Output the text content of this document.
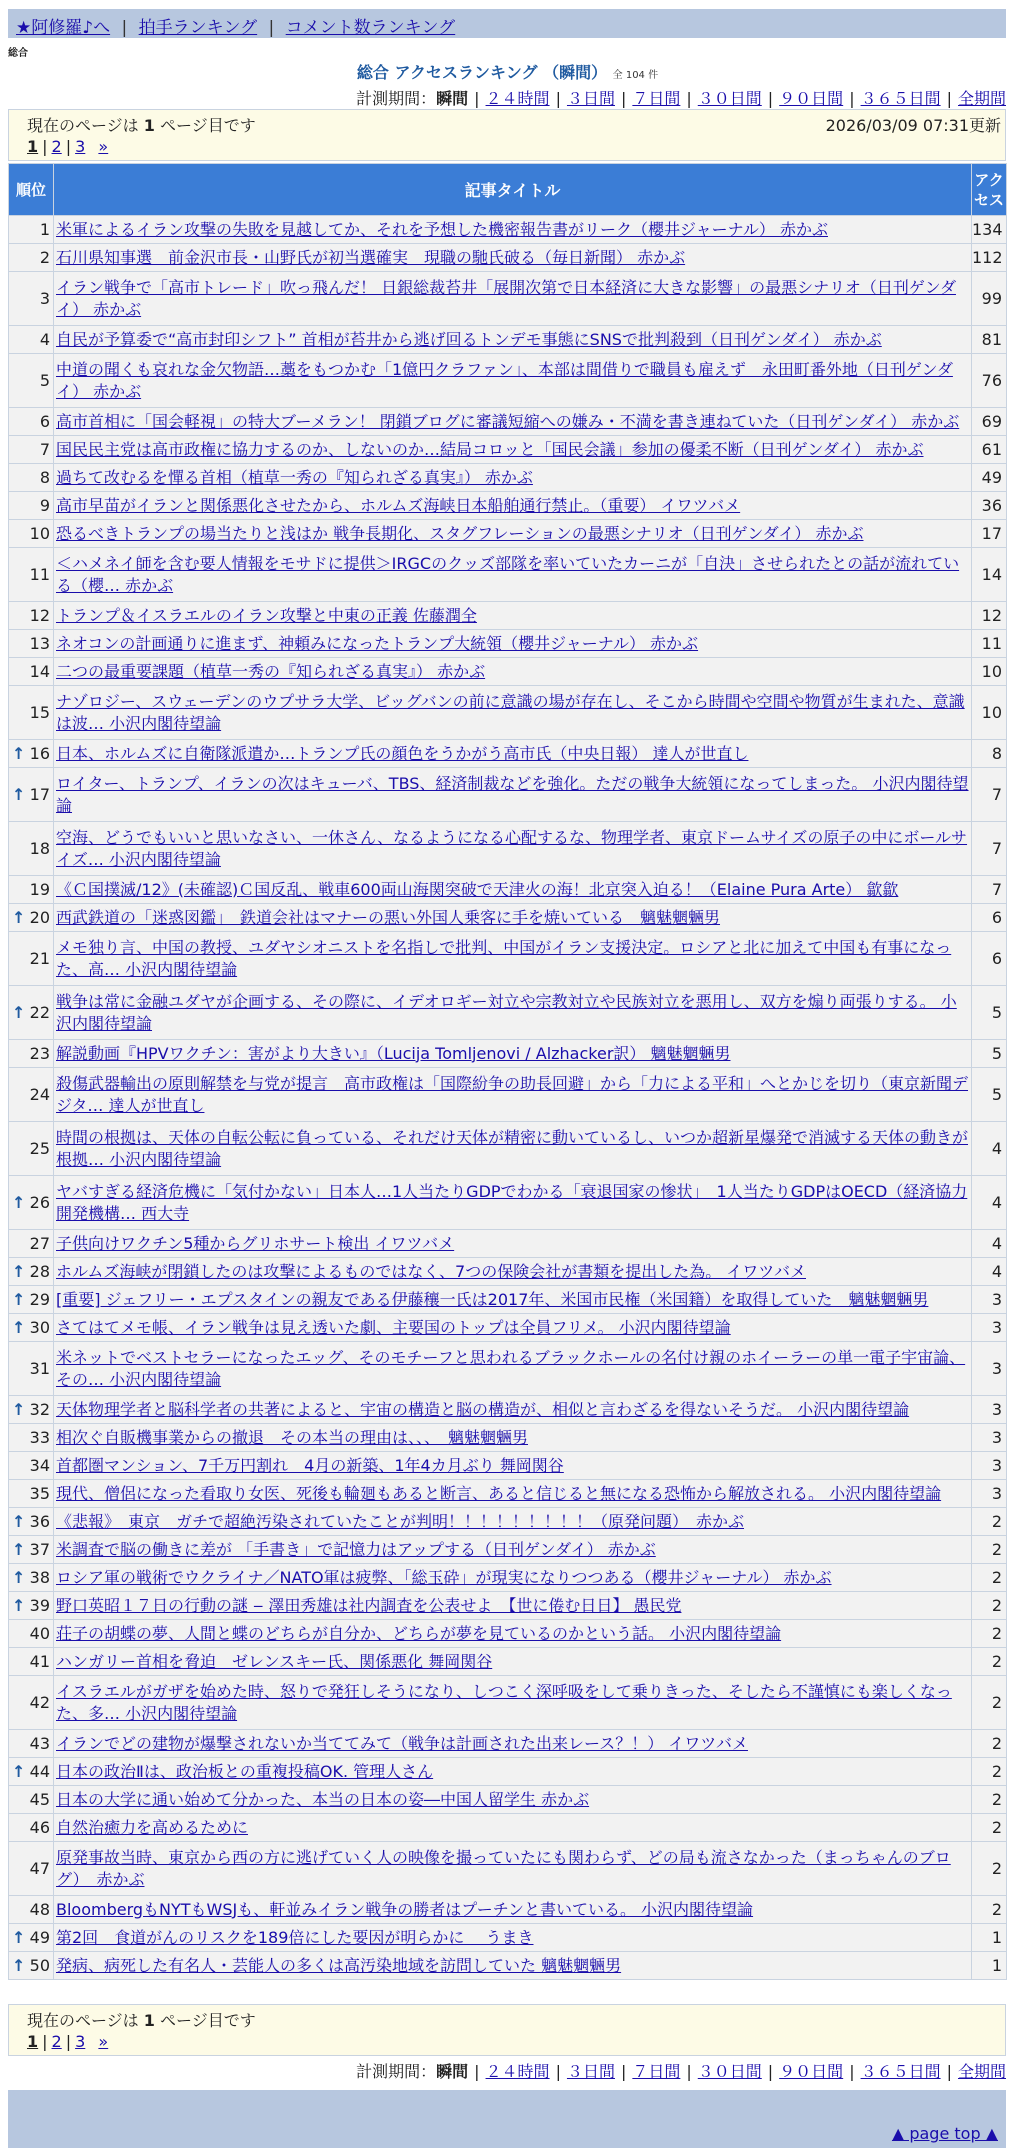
★阿修羅♪へ | 拍手ランキング | コメント数ランキング
総合
総合 アクセスランキング （瞬間） 全 104 件
計測期間：瞬間 | ２４時間 | ３日間 | ７日間 | ３０日間 | ９０日間 | ３６５日間 | 全期間
現在のページは 1 ページ目です	2026/03/09 07:31更新
1 | 2 | 3 »
順位	記事タイトル	アクセス
1	米軍によるイラン攻撃の失敗を見越してか、それを予想した機密報告書がリーク（櫻井ジャーナル） 赤かぶ	134
2	石川県知事選　前金沢市長・山野氏が初当選確実　現職の馳氏破る（毎日新聞） 赤かぶ	112
3	イラン戦争で「高市トレード」吹っ飛んだ！ 日銀総裁苔井「展開次第で日本経済に大きな影響」の最悪シナリオ（日刊ゲンダイ） 赤かぶ	99
4	自民が予算委で“高市封印シフト” 首相が苔井から逃げ回るトンデモ事態にSNSで批判殺到（日刊ゲンダイ） 赤かぶ	81
5	中道の聞くも哀れな金欠物語…藁をもつかむ「1億円クラファン」、本部は間借りで職員も雇えず　永田町番外地（日刊ゲンダイ） 赤かぶ	76
6	高市首相に「国会軽視」の特大ブーメラン！ 閉鎖ブログに審議短縮への嫌み・不満を書き連ねていた（日刊ゲンダイ） 赤かぶ	69
7	国民民主党は高市政権に協力するのか、しないのか…結局コロッと「国民会議」参加の優柔不断（日刊ゲンダイ） 赤かぶ	61
8	過ちて改むるを憚る首相（植草一秀の『知られざる真実』） 赤かぶ	49
9	高市早苗がイランと関係悪化させたから、ホルムズ海峡日本船舶通行禁止。（重要） イワツバメ	36
10	恐るべきトランプの場当たりと浅はか 戦争長期化、スタグフレーションの最悪シナリオ（日刊ゲンダイ） 赤かぶ	17
11	＜ハメネイ師を含む要人情報をモサドに提供＞IRGCのクッズ部隊を率いていたカーニが「自決」させられたとの話が流れている（櫻… 赤かぶ	14
12	トランプ＆イスラエルのイラン攻撃と中東の正義 佐藤潤全	12
13	ネオコンの計画通りに進まず、神頼みになったトランプ大統領（櫻井ジャーナル） 赤かぶ	11
14	二つの最重要課題（植草一秀の『知られざる真実』） 赤かぶ	10
15	ナゾロジー、スウェーデンのウプサラ大学、ビッグバンの前に意識の場が存在し、そこから時間や空間や物質が生まれた、意識は波… 小沢内閣待望論	10

↑ 16	日本、ホルムズに自衛隊派遣か…トランプ氏の顔色をうかがう高市氏（中央日報） 達人が世直し	8

↑ 17	ロイター、トランプ、イランの次はキューバ、TBS、経済制裁などを強化。ただの戦争大統領になってしまった。 小沢内閣待望論	7
18	空海、どうでもいいと思いなさい、一休さん、なるようになる心配するな、物理学者、東京ドームサイズの原子の中にボールサイズ… 小沢内閣待望論	7
19	《Ｃ国撲滅/12》(未確認)Ｃ国反乱、戦車600両山海関突破で天津火の海！北京突入迫る！（Elaine Pura Arte） 歙歙	7

↑ 20	西武鉄道の「迷惑図鑑」　鉄道会社はマナーの悪い外国人乗客に手を焼いている　魑魅魍魎男	6
21	メモ独り言、中国の教授、ユダヤシオニストを名指しで批判、中国がイラン支援決定。ロシアと北に加えて中国も有事になった、高… 小沢内閣待望論	6

↑ 22	戦争は常に金融ユダヤが企画する、その際に、イデオロギー対立や宗教対立や民族対立を悪用し、双方を煽り両張りする。 小沢内閣待望論	5
23	解説動画『HPVワクチン：害がより大きい』（Lucija Tomljenovi / Alzhacker訳） 魑魅魍魎男	5
24	殺傷武器輸出の原則解禁を与党が提言　高市政権は「国際紛争の助長回避」から「力による平和」へとかじを切り（東京新聞デジタ… 達人が世直し	5
25	時間の根拠は、天体の自転公転に負っている、それだけ天体が精密に動いているし、いつか超新星爆発で消滅する天体の動きが根拠… 小沢内閣待望論	4

↑ 26	ヤバすぎる経済危機に「気付かない」日本人…1人当たりGDPでわかる「衰退国家の惨状」　1人当たりGDPはOECD（経済協力開発機構… 西大寺	4
27	子供向けワクチン5種からグリホサート検出 イワツバメ	4

↑ 28	ホルムズ海峡が閉鎖したのは攻撃によるものではなく、7つの保険会社が書類を提出した為。 イワツバメ	4

↑ 29	[重要] ジェフリー・エプスタインの親友である伊藤穰一氏は2017年、米国市民権（米国籍）を取得していた　魑魅魍魎男	3

↑ 30	さてはてメモ帳、イラン戦争は見え透いた劇、主要国のトップは全員フリメ。 小沢内閣待望論	3
31	米ネットでベストセラーになったエッグ、そのモチーフと思われるブラックホールの名付け親のホイーラーの単一電子宇宙論、その… 小沢内閣待望論	3

↑ 32	天体物理学者と脳科学者の共著によると、宇宙の構造と脳の構造が、相似と言わざるを得ないそうだ。 小沢内閣待望論	3
33	相次ぐ自販機事業からの撤退　その本当の理由は、、、　魑魅魍魎男	3
34	首都圏マンション、7千万円割れ　4月の新築、1年4カ月ぶり 舞岡関谷	3
35	現代、僧侶になった看取り女医、死後も輪廻もあると断言、あると信じると無になる恐怖から解放される。 小沢内閣待望論	3

↑ 36	《悲報》　東京　ガチで超絶汚染されていたことが判明！！！！！！！！！（原発问題）　赤かぶ	2

↑ 37	米調査で脳の働きに差が 「手書き」で記憶力はアップする（日刊ゲンダイ） 赤かぶ	2

↑ 38	ロシア軍の戦術でウクライナ／NATO軍は疲弊、「総玉砕」が現実になりつつある（櫻井ジャーナル） 赤かぶ	2

↑ 39	野口英昭１７日の行動の謎 ‒ 澤田秀雄は社内調査を公表せよ　【世に倦む日日】 愚民党	2
40	荘子の胡蝶の夢、人間と蝶のどちらが自分か、どちらが夢を見ているのかという話。 小沢内閣待望論	2
41	ハンガリー首相を脅迫　ゼレンスキー氏、関係悪化 舞岡関谷	2
42	イスラエルがガザを始めた時、怒りで発狂しそうになり、しつこく深呼吸をして乗りきった、そしたら不謹慎にも楽しくなった、多… 小沢内閣待望論	2
43	イランでどの建物が爆撃されないか当ててみて（戦争は計画された出来レース？！） イワツバメ	2

↑ 44	日本の政治Ⅱは、政治板との重複投稿OK. 管理人さん	2
45	日本の大学に通い始めて分かった、本当の日本の姿―中国人留学生 赤かぶ	2
46	自然治癒力を高めるために	2
47	原発事故当時、東京から西の方に逃げていく人の映像を撮っていたにも関わらず、どの局も流さなかった（まっちゃんのブログ）　赤かぶ	2
48	BloombergもNYTもWSJも、軒並みイラン戦争の勝者はプーチンと書いている。 小沢内閣待望論	2

↑ 49	第2回　食道がんのリスクを189倍にした要因が明らかに　 うまき	1

↑ 50	発病、病死した有名人・芸能人の多くは高汚染地域を訪問していた 魑魅魍魎男	1
現在のページは 1 ページ目です
1 | 2 | 3 »
計測期間：瞬間 | ２４時間 | ３日間 | ７日間 | ３０日間 | ９０日間 | ３６５日間 | 全期間
▲ page top ▲
